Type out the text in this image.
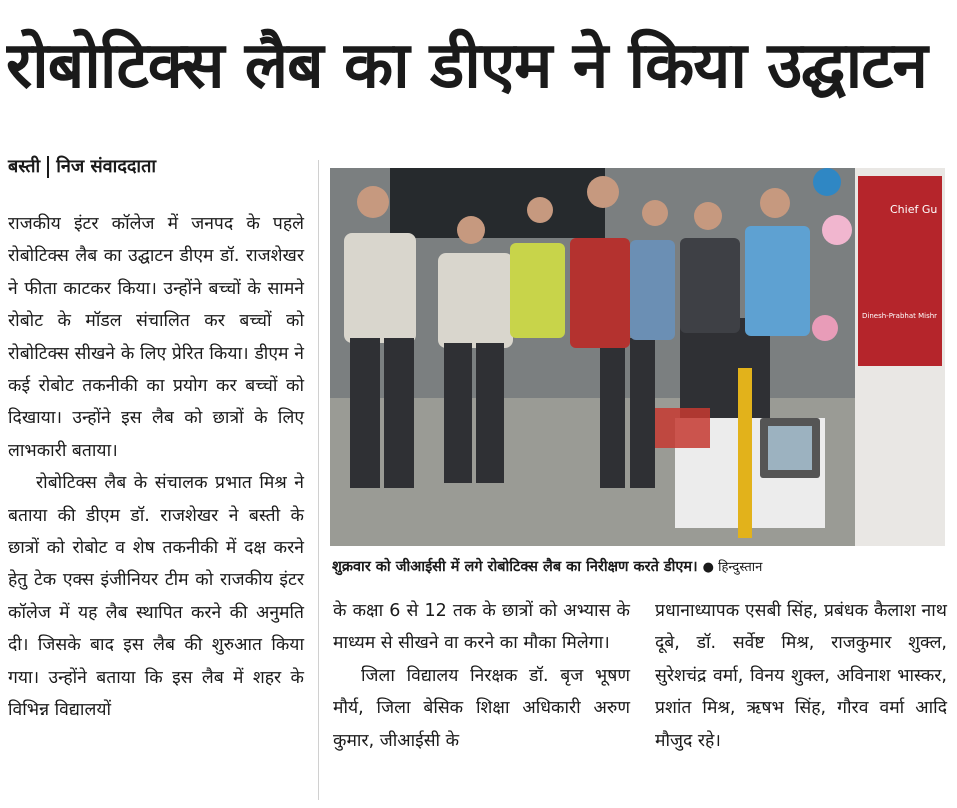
रोबोटिक्स लैब का डीएम ने किया उद्घाटन
बस्ती निज संवाददाता

राजकीय इंटर कॉलेज में जनपद के पहले रोबोटिक्स लैब का उद्घाटन डीएम डॉ. राजशेखर ने फीता काटकर किया। उन्होंने बच्चों के सामने रोबोट के मॉडल संचालित कर बच्चों को रोबोटिक्स सीखने के लिए प्रेरित किया। डीएम ने कई रोबोट तकनीकी का प्रयोग कर बच्चों को दिखाया। उन्होंने इस लैब को छात्रों के लिए लाभकारी बताया।

रोबोटिक्स लैब के संचालक प्रभात मिश्र ने बताया की डीएम डॉ. राजशेखर ने बस्ती के छात्रों को रोबोट व शेष तकनीकी में दक्ष करने हेतु टेक एक्स इंजीनियर टीम को राजकीय इंटर कॉलेज में यह लैब स्थापित करने की अनुमति दी। जिसके बाद इस लैब की शुरुआत किया गया। उन्होंने बताया कि इस लैब में शहर के विभिन्न विद्यालयों

Chief Gu
Dinesh-Prabhat Mishr
शुक्रवार को जीआईसी में लगे रोबोटिक्स लैब का निरीक्षण करते डीएम। ● हिन्दुस्तान

के कक्षा 6 से 12 तक के छात्रों को अभ्यास के माध्यम से सीखने वा करने का मौका मिलेगा।

जिला विद्यालय निरक्षक डॉ. बृज भूषण मौर्य, जिला बेसिक शिक्षा अधिकारी अरुण कुमार, जीआईसी के

प्रधानाध्यापक एसबी सिंह, प्रबंधक कैलाश नाथ दूबे, डॉ. सर्वेष्ट मिश्र, राजकुमार शुक्ल, सुरेशचंद्र वर्मा, विनय शुक्ल, अविनाश भास्कर, प्रशांत मिश्र, ऋषभ सिंह, गौरव वर्मा आदि मौजुद रहे।
